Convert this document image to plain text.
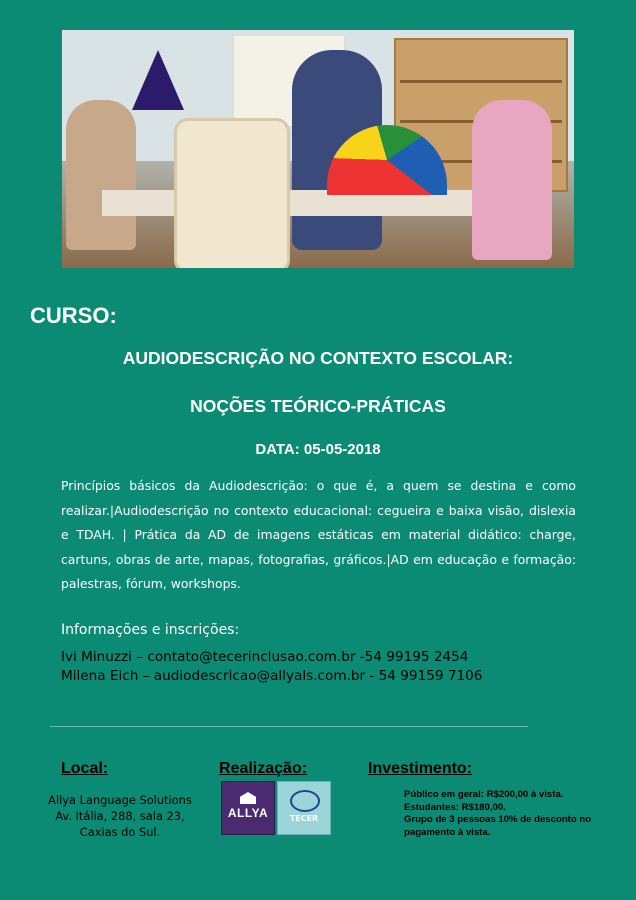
CURSO:
AUDIODESCRIÇÃO NO CONTEXTO ESCOLAR:
NOÇÕES TEÓRICO-PRÁTICAS
DATA: 05-05-2018

Princípios básicos da Audiodescrição: o que é, a quem se destina e como realizar.|Audiodescrição no contexto educacional: cegueira e baixa visão, dislexia e TDAH. | Prática da AD de imagens estáticas em material didático: charge, cartuns, obras de arte, mapas, fotografias, gráficos.|AD em educação e formação: palestras, fórum, workshops.

Informações e inscrições:
Ivi Minuzzi – contato@tecerinclusao.com.br -54 99195 2454
Milena Eich – audiodescricao@allyals.com.br - 54 99159 7106
Local:	Realização:	Investimento:
Allya Language Solutions
Av. Itália, 288, sala 23,
Caxias do Sul.
ALLYA	TECER
Público em geral: R$200,00 à vista.
Estudantes: R$180,00.
Grupo de 3 pessoas 10% de desconto no
pagamento à vista.
